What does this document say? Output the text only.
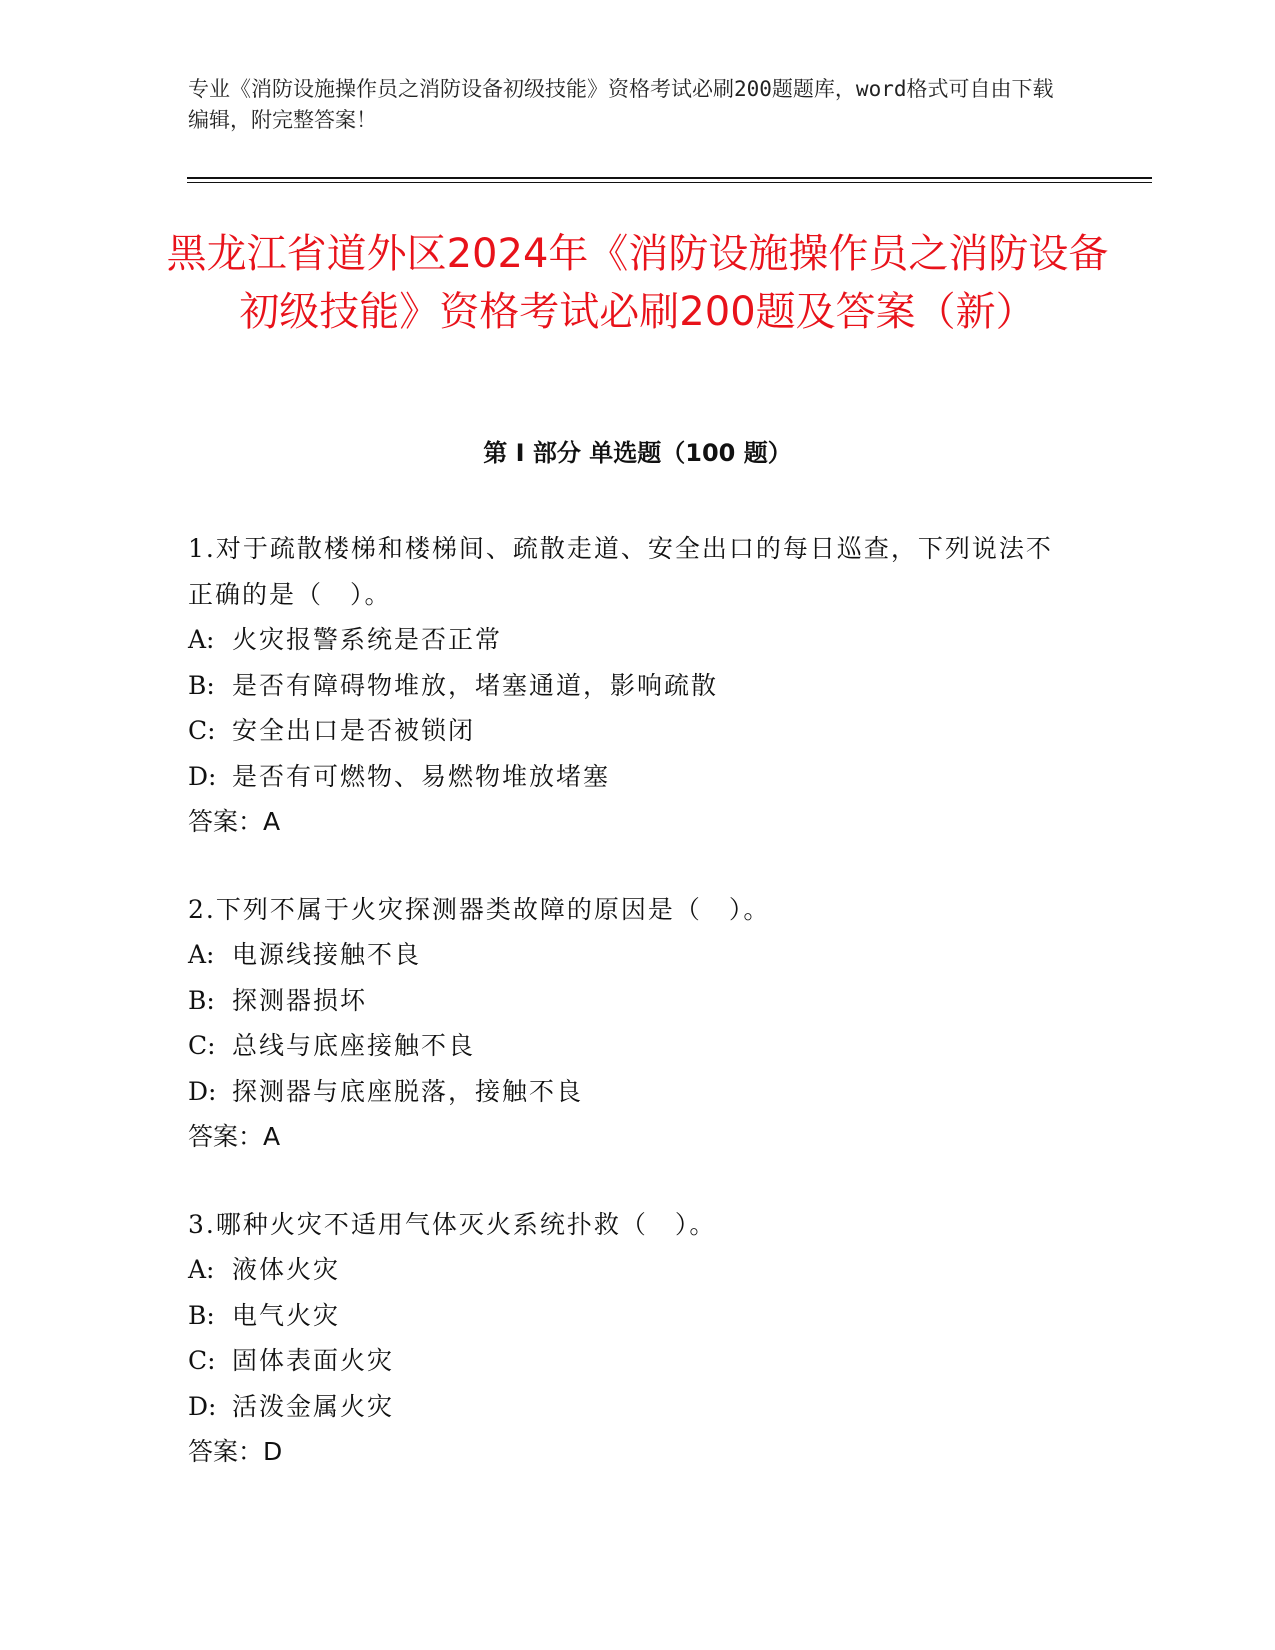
专业《消防设施操作员之消防设备初级技能》资格考试必刷200题题库，word格式可自由下载编辑，附完整答案！

黑龙江省道外区2024年《消防设施操作员之消防设备初级技能》资格考试必刷200题及答案（新）
第 I 部分 单选题（100 题）

1.对于疏散楼梯和楼梯间、疏散走道、安全出口的每日巡查，下列说法不正确的是（　）。

A: 火灾报警系统是否正常

B: 是否有障碍物堆放，堵塞通道，影响疏散

C: 安全出口是否被锁闭

D: 是否有可燃物、易燃物堆放堵塞

答案：A

2.下列不属于火灾探测器类故障的原因是（　）。

A: 电源线接触不良

B: 探测器损坏

C: 总线与底座接触不良

D: 探测器与底座脱落，接触不良

答案：A

3.哪种火灾不适用气体灭火系统扑救（　）。

A: 液体火灾

B: 电气火灾

C: 固体表面火灾

D: 活泼金属火灾

答案：D
